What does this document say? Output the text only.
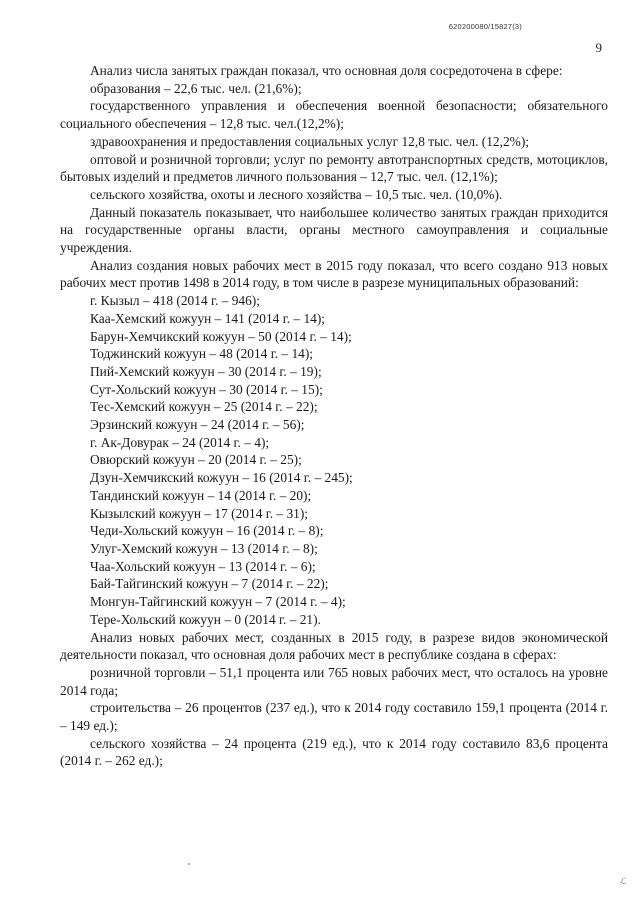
620200080/15827(3)
9

Анализ числа занятых граждан показал, что основная доля сосредоточена в сфере:

образования – 22,6 тыс. чел. (21,6%);

государственного управления и обеспечения военной безопасности; обязательного социального обеспечения – 12,8 тыс. чел.(12,2%);

здравоохранения и предоставления социальных услуг 12,8 тыс. чел. (12,2%);

оптовой и розничной торговли; услуг по ремонту автотранспортных средств, мотоциклов, бытовых изделий и предметов личного пользования – 12,7 тыс. чел. (12,1%);

сельского хозяйства, охоты и лесного хозяйства – 10,5 тыс. чел. (10,0%).

Данный показатель показывает, что наибольшее количество занятых граждан приходится на государственные органы власти, органы местного самоуправления и социальные учреждения.

Анализ создания новых рабочих мест в 2015 году показал, что всего создано 913 новых рабочих мест против 1498 в 2014 году, в том числе в разрезе муниципальных образований:

г. Кызыл – 418 (2014 г. – 946);
Каа-Хемский кожуун – 141 (2014 г. – 14);
Барун-Хемчикский кожуун – 50 (2014 г. – 14);
Тоджинский кожуун – 48 (2014 г. – 14);
Пий-Хемский кожуун – 30 (2014 г. – 19);
Сут-Хольский кожуун – 30 (2014 г. – 15);
Тес-Хемский кожуун – 25 (2014 г. – 22);
Эрзинский кожуун – 24 (2014 г. – 56);
г. Ак-Довурак – 24 (2014 г. – 4);
Овюрский кожуун – 20 (2014 г. – 25);
Дзун-Хемчикский кожуун – 16 (2014 г. – 245);
Тандинский кожуун – 14 (2014 г. – 20);
Кызылский кожуун – 17 (2014 г. – 31);
Чеди-Хольский кожуун – 16 (2014 г. – 8);
Улуг-Хемский кожуун – 13 (2014 г. – 8);
Чаа-Хольский кожуун – 13 (2014 г. – 6);
Бай-Тайгинский кожуун – 7 (2014 г. – 22);
Монгун-Тайгинский кожуун – 7 (2014 г. – 4);
Тере-Хольский кожуун – 0 (2014 г. – 21).

Анализ новых рабочих мест, созданных в 2015 году, в разрезе видов экономической деятельности показал, что основная доля рабочих мест в республике создана в сферах:

розничной торговли – 51,1 процента или 765 новых рабочих мест, что осталось на уровне 2014 года;

строительства – 26 процентов (237 ед.), что к 2014 году составило 159,1 процента (2014 г. – 149 ед.);

сельского хозяйства – 24 процента (219 ед.), что к 2014 году составило 83,6 процента (2014 г. – 262 ед.);

ℒ
